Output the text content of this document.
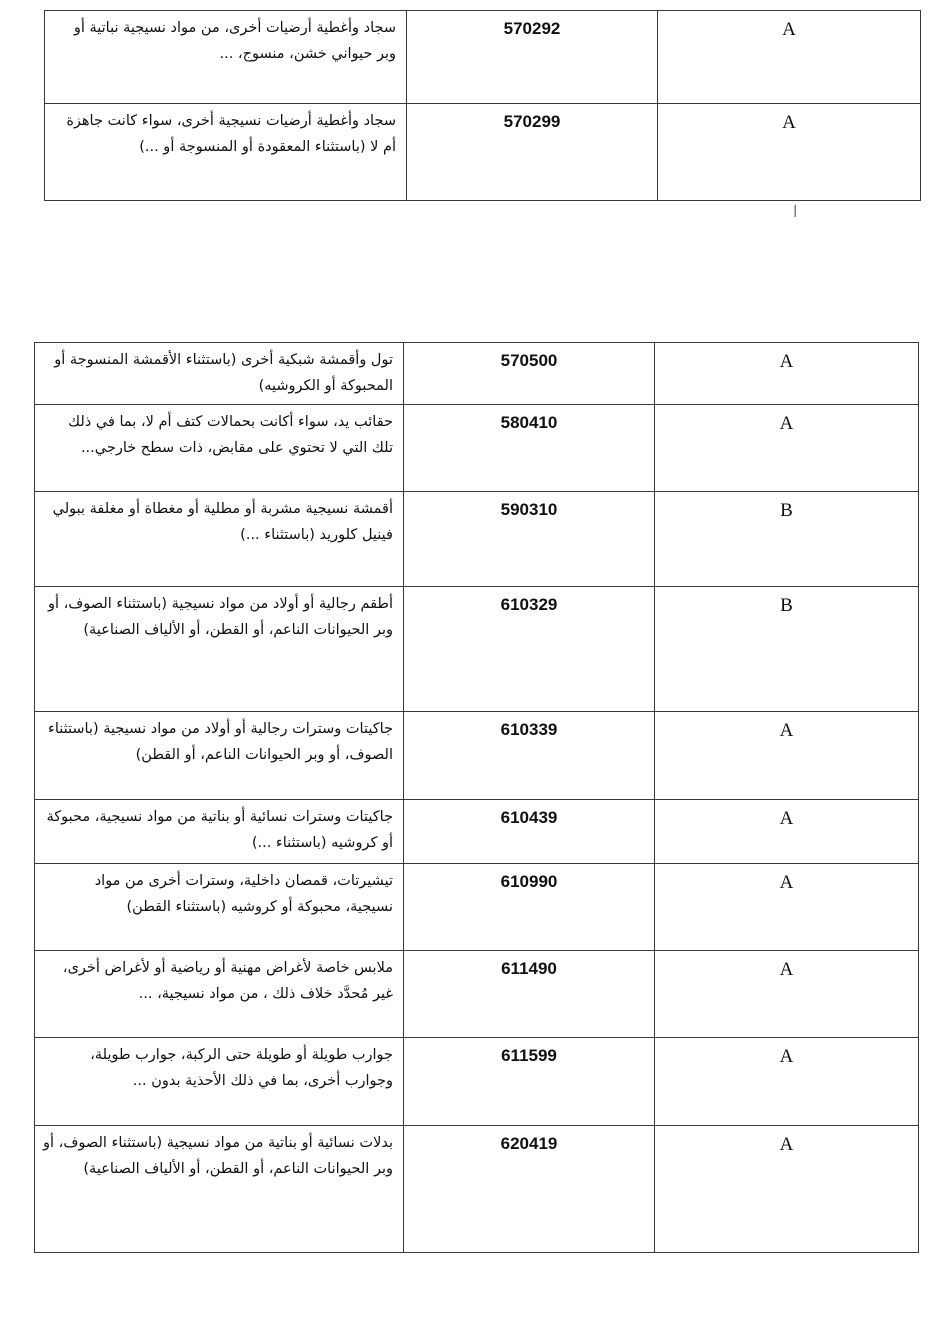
سجاد وأغطية أرضيات أخرى، من مواد نسيجية نباتية أو وبر حيواني خشن، منسوج، ...	570292	A
سجاد وأغطية أرضيات نسيجية أخرى، سواء كانت جاهزة أم لا (باستثناء المعقودة أو المنسوجة أو ...)	570299	A
ا
تول وأقمشة شبكية أخرى (باستثناء الأقمشة المنسوجة أو المحبوكة أو الكروشيه)	570500	A
حقائب يد، سواء أكانت بحمالات كتف أم لا، بما في ذلك تلك التي لا تحتوي على مقابض، ذات سطح خارجي...	580410	A
أقمشة نسيجية مشربة أو مطلية أو مغطاة أو مغلفة ببولي فينيل كلوريد (باستثناء ...)	590310	B
أطقم رجالية أو أولاد من مواد نسيجية (باستثناء الصوف، أو وبر الحيوانات الناعم، أو القطن، أو الألياف الصناعية)	610329	B
جاكيتات وسترات رجالية أو أولاد من مواد نسيجية (باستثناء الصوف، أو وبر الحيوانات الناعم، أو القطن)	610339	A
جاكيتات وسترات نسائية أو بناتية من مواد نسيجية، محبوكة أو كروشيه (باستثناء ...)	610439	A
تيشيرتات، قمصان داخلية، وسترات أخرى من مواد نسيجية، محبوكة أو كروشيه (باستثناء القطن)	610990	A
ملابس خاصة لأغراض مهنية أو رياضية أو لأغراض أخرى، غير مُحدَّد خلاف ذلك ، من مواد نسيجية، ...	611490	A
جوارب طويلة أو طويلة حتى الركبة، جوارب طويلة، وجوارب أخرى، بما في ذلك الأحذية بدون ...	611599	A
بدلات نسائية أو بناتية من مواد نسيجية (باستثناء الصوف، أو وبر الحيوانات الناعم، أو القطن، أو الألياف الصناعية)	620419	A
